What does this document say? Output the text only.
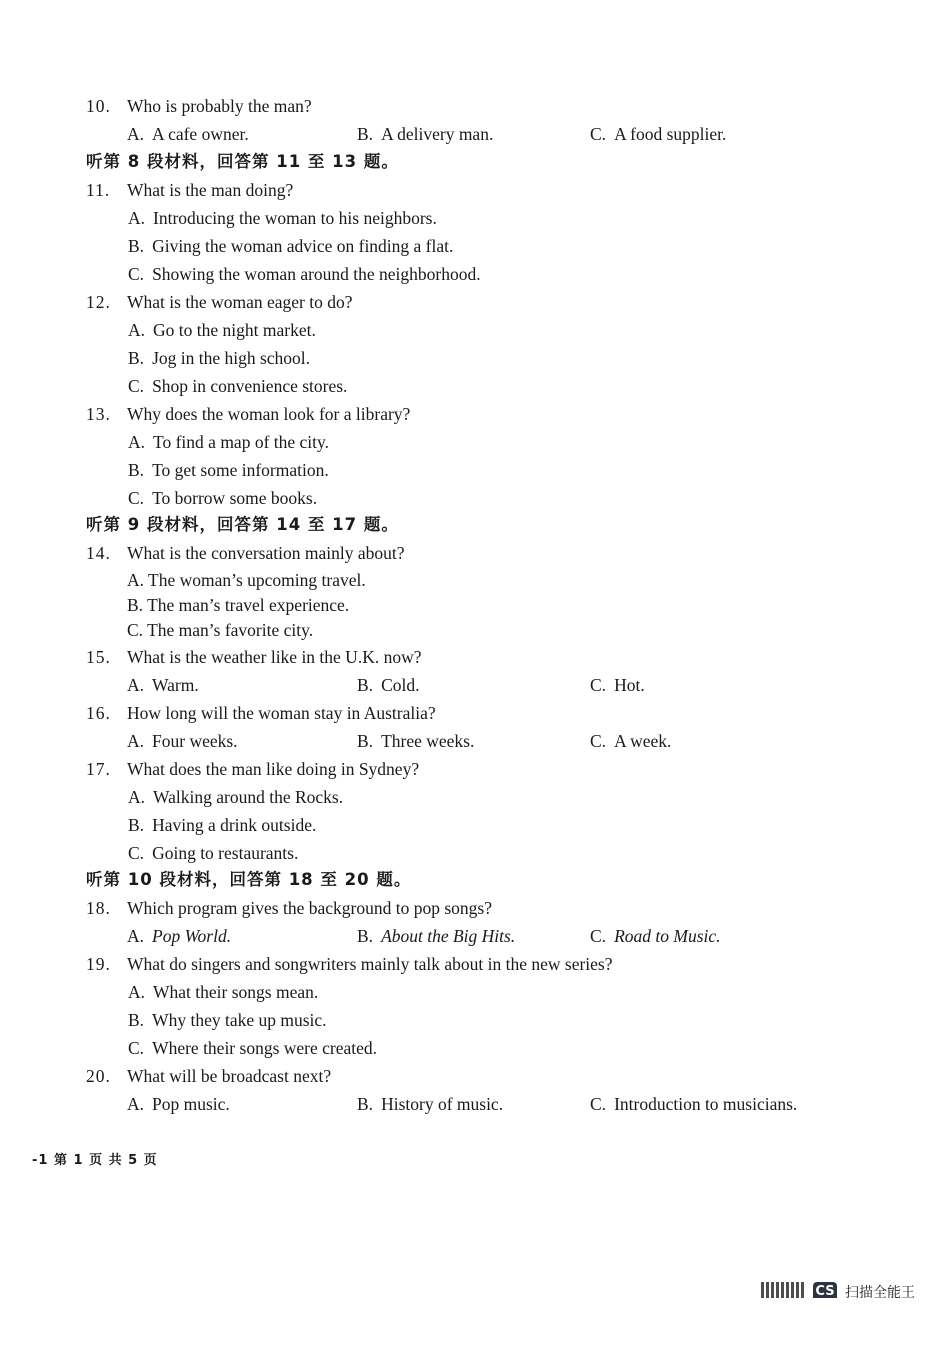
10. Who is probably the man?
A. A cafe owner.	B. A delivery man.	C. A food supplier.
听第 8 段材料，回答第 11 至 13 题。
11. What is the man doing?
A. Introducing the woman to his neighbors.
B. Giving the woman advice on finding a flat.
C. Showing the woman around the neighborhood.
12. What is the woman eager to do?
A. Go to the night market.
B. Jog in the high school.
C. Shop in convenience stores.
13. Why does the woman look for a library?
A. To find a map of the city.
B. To get some information.
C. To borrow some books.
听第 9 段材料，回答第 14 至 17 题。
14. What is the conversation mainly about?
A. The woman’s upcoming travel.
B. The man’s travel experience.
C. The man’s favorite city.
15. What is the weather like in the U.K. now?
A. Warm.	B. Cold.	C. Hot.
16. How long will the woman stay in Australia?
A. Four weeks.	B. Three weeks.	C. A week.
17. What does the man like doing in Sydney?
A. Walking around the Rocks.
B. Having a drink outside.
C. Going to restaurants.
听第 10 段材料，回答第 18 至 20 题。
18. Which program gives the background to pop songs?
A. Pop World.	B. About the Big Hits.	C. Road to Music.
19. What do singers and songwriters mainly talk about in the new series?
A. What their songs mean.
B. Why they take up music.
C. Where their songs were created.
20. What will be broadcast next?
A. Pop music.	B. History of music.	C. Introduction to musicians.
-1 第 1 页 共 5 页
CS 扫描全能王
